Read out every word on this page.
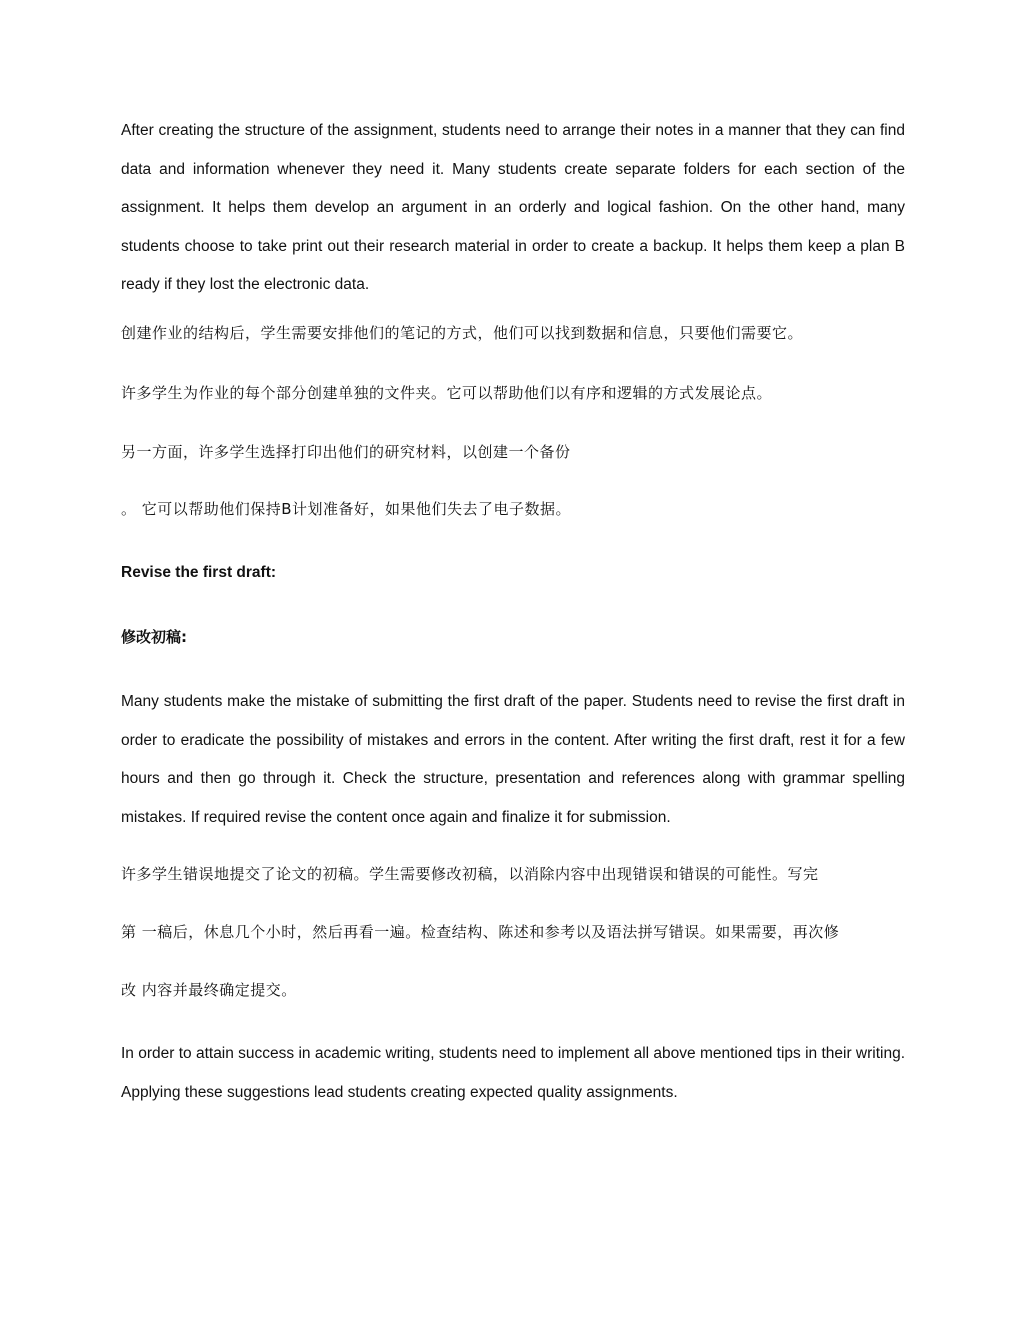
After creating the structure of the assignment, students need to arrange their notes in a manner that they can find data and information whenever they need it. Many students create separate folders for each section of the assignment. It helps them develop an argument in an orderly and logical fashion. On the other hand, many students choose to take print out their research material in order to create a backup. It helps them keep a plan B ready if they lost the electronic data.

创建作业的结构后，学生需要安排他们的笔记的方式，他们可以找到数据和信息，只要他们需要它。

许多学生为作业的每个部分创建单独的文件夹。它可以帮助他们以有序和逻辑的方式发展论点。

另一方面，许多学生选择打印出他们的研究材料，以创建一个备份

。 它可以帮助他们保持B计划准备好，如果他们失去了电子数据。

Revise the first draft:

修改初稿:

Many students make the mistake of submitting the first draft of the paper. Students need to revise the first draft in order to eradicate the possibility of mistakes and errors in the content. After writing the first draft, rest it for a few hours and then go through it. Check the structure, presentation and references along with grammar spelling mistakes. If required revise the content once again and finalize it for submission.

许多学生错误地提交了论文的初稿。学生需要修改初稿，以消除内容中出现错误和错误的可能性。写完

第 一稿后，休息几个小时，然后再看一遍。检查结构、陈述和参考以及语法拼写错误。如果需要，再次修

改 内容并最终确定提交。

In order to attain success in academic writing, students need to implement all above mentioned tips in their writing. Applying these suggestions lead students creating expected quality assignments.
